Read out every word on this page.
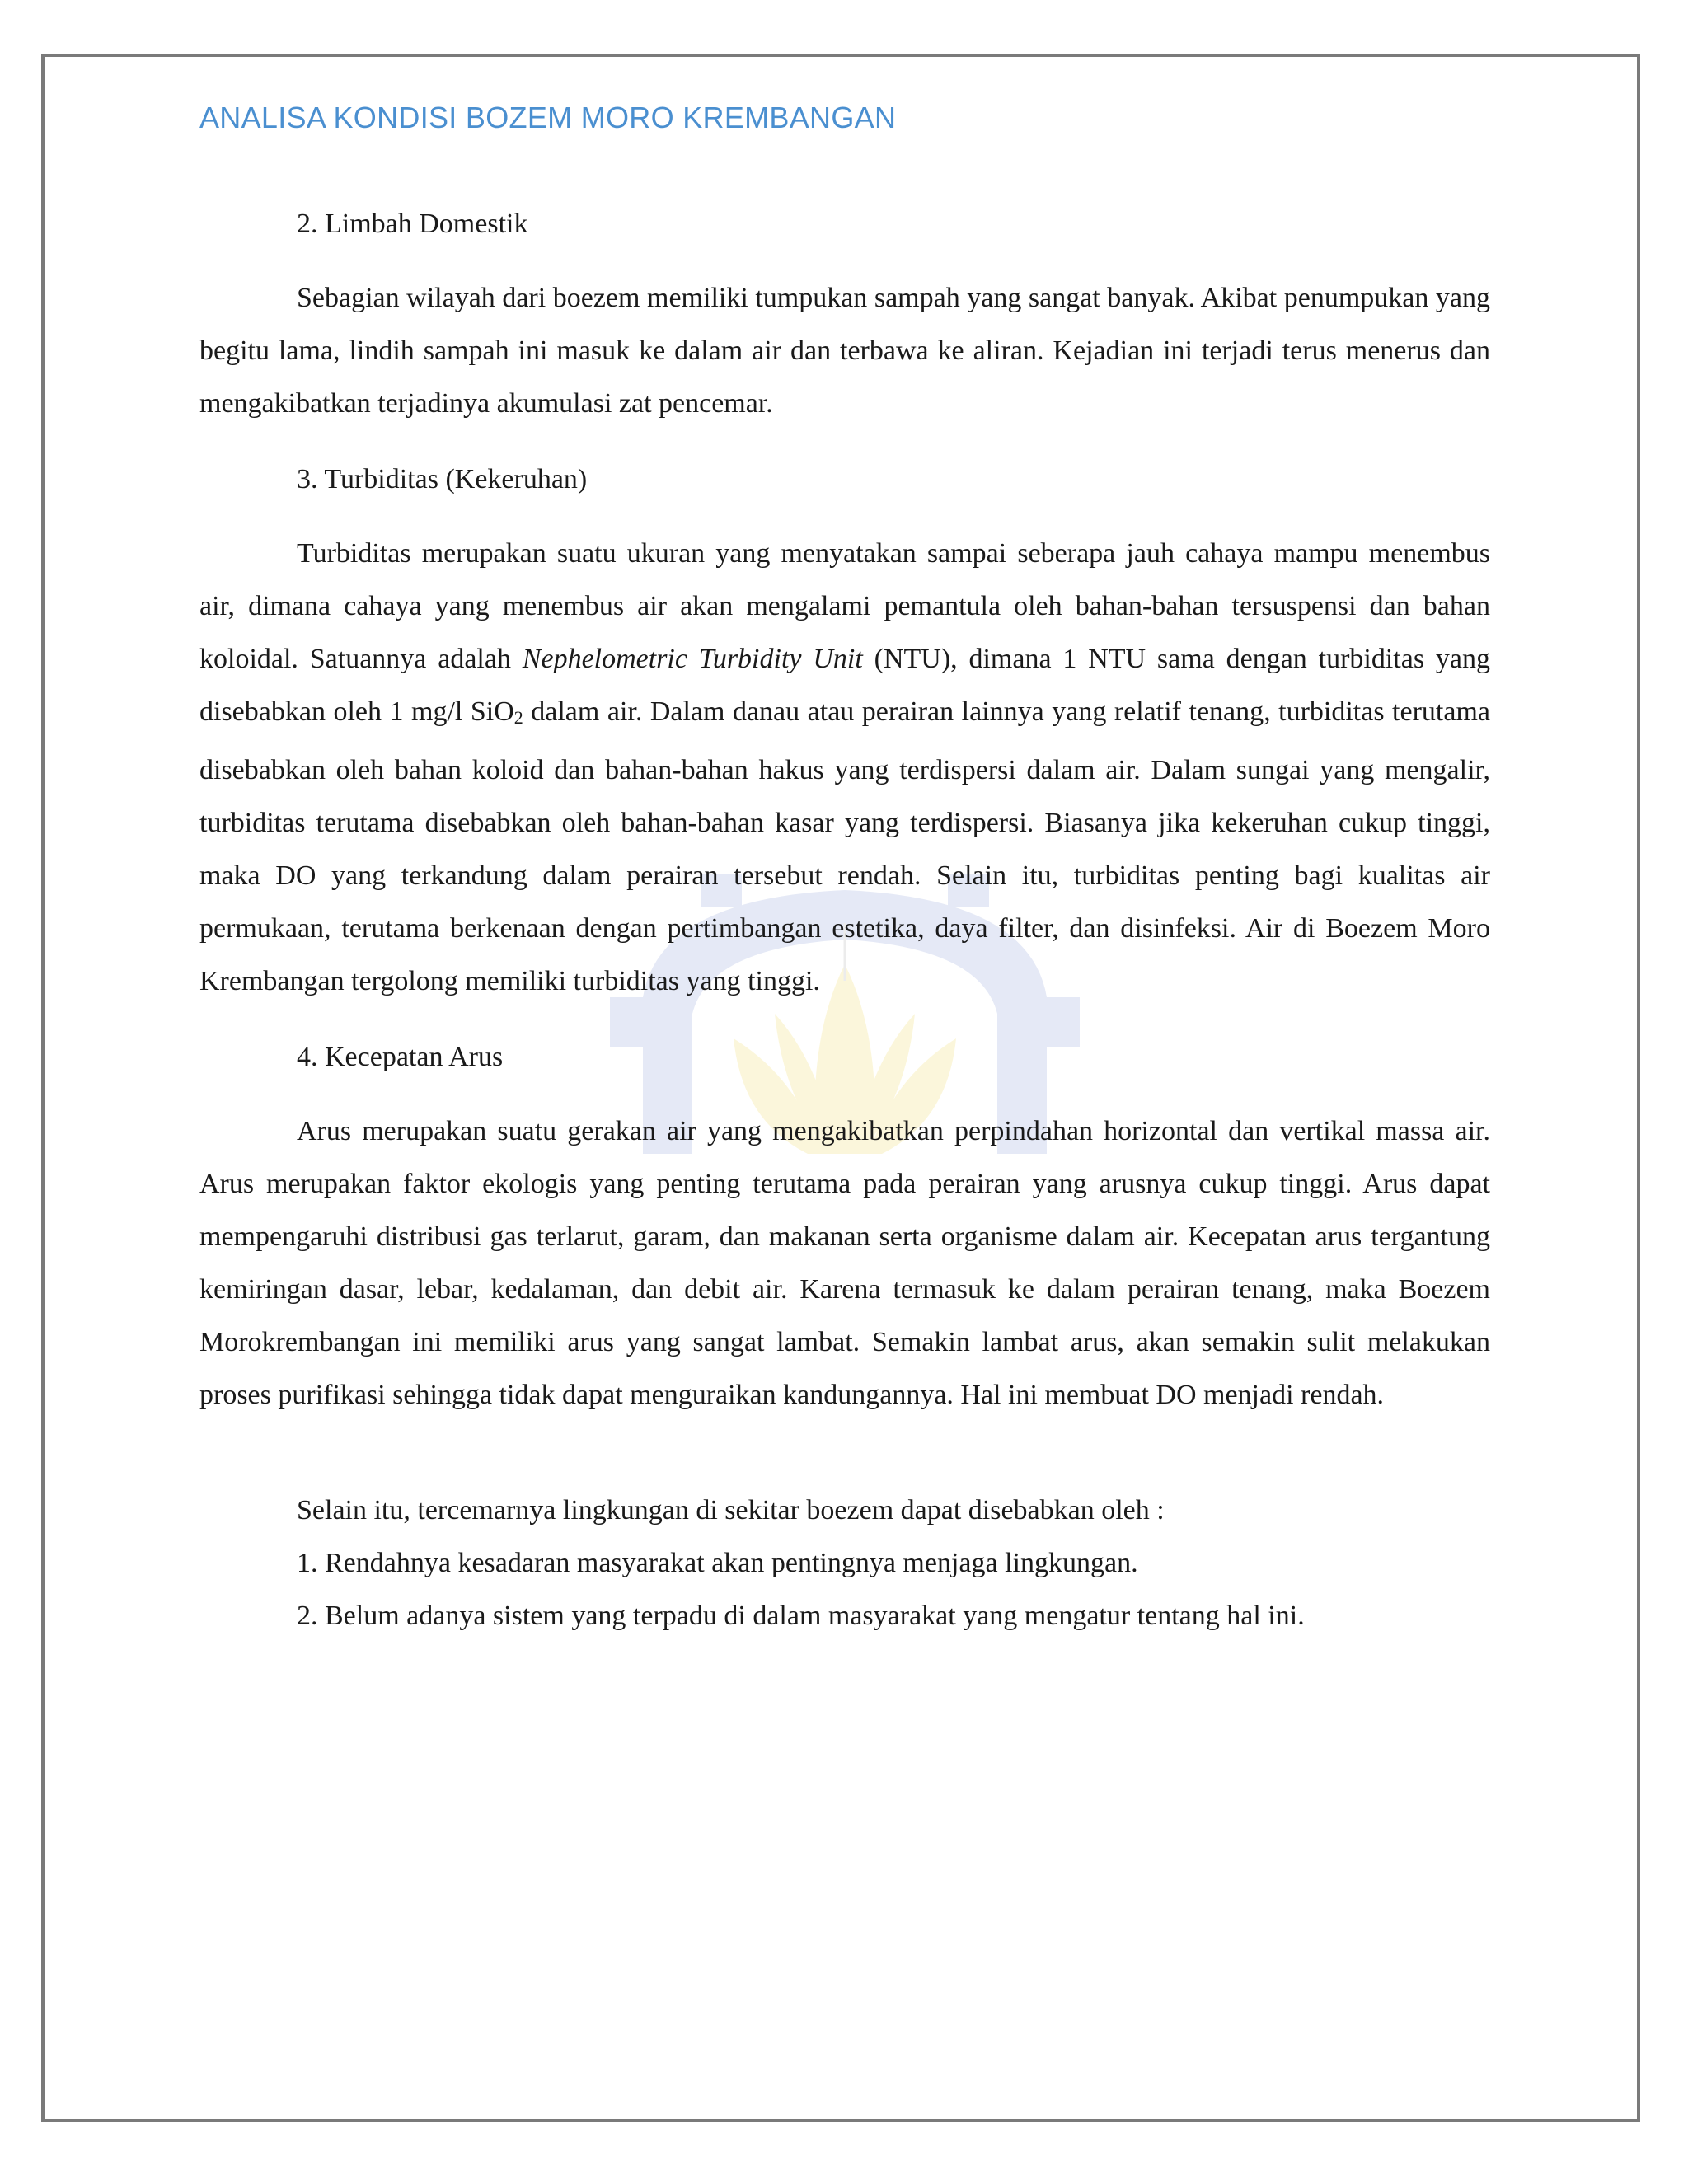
ANALISA KONDISI BOZEM MORO KREMBANGAN

2. Limbah Domestik

Sebagian wilayah dari boezem memiliki tumpukan sampah yang sangat banyak. Akibat penumpukan yang begitu lama, lindih sampah ini masuk ke dalam air dan terbawa ke aliran. Kejadian ini terjadi terus menerus dan mengakibatkan terjadinya akumulasi zat pencemar.

3. Turbiditas (Kekeruhan)

Turbiditas merupakan suatu ukuran yang menyatakan sampai seberapa jauh cahaya mampu menembus air, dimana cahaya yang menembus air akan mengalami pemantula oleh bahan-bahan tersuspensi dan bahan koloidal. Satuannya adalah Nephelometric Turbidity Unit (NTU), dimana 1 NTU sama dengan turbiditas yang disebabkan oleh 1 mg/l SiO$_2$ dalam air. Dalam danau atau perairan lainnya yang relatif tenang, turbiditas terutama disebabkan oleh bahan koloid dan bahan-bahan hakus yang terdispersi dalam air. Dalam sungai yang mengalir, turbiditas terutama disebabkan oleh bahan-bahan kasar yang terdispersi. Biasanya jika kekeruhan cukup tinggi, maka DO yang terkandung dalam perairan tersebut rendah. Selain itu, turbiditas penting bagi kualitas air permukaan, terutama berkenaan dengan pertimbangan estetika, daya filter, dan disinfeksi. Air di Boezem Moro Krembangan tergolong memiliki turbiditas yang tinggi.

4. Kecepatan Arus

Arus merupakan suatu gerakan air yang mengakibatkan perpindahan horizontal dan vertikal massa air. Arus merupakan faktor ekologis yang penting terutama pada perairan yang arusnya cukup tinggi. Arus dapat mempengaruhi distribusi gas terlarut, garam, dan makanan serta organisme dalam air. Kecepatan arus tergantung kemiringan dasar, lebar, kedalaman, dan debit air. Karena termasuk ke dalam perairan tenang, maka Boezem Morokrembangan ini memiliki arus yang sangat lambat. Semakin lambat arus, akan semakin sulit melakukan proses purifikasi sehingga tidak dapat menguraikan kandungannya. Hal ini membuat DO menjadi rendah.

Selain itu, tercemarnya lingkungan di sekitar boezem dapat disebabkan oleh :

1. Rendahnya kesadaran masyarakat akan pentingnya menjaga lingkungan.
2. Belum adanya sistem yang terpadu di dalam masyarakat yang mengatur tentang hal ini.
